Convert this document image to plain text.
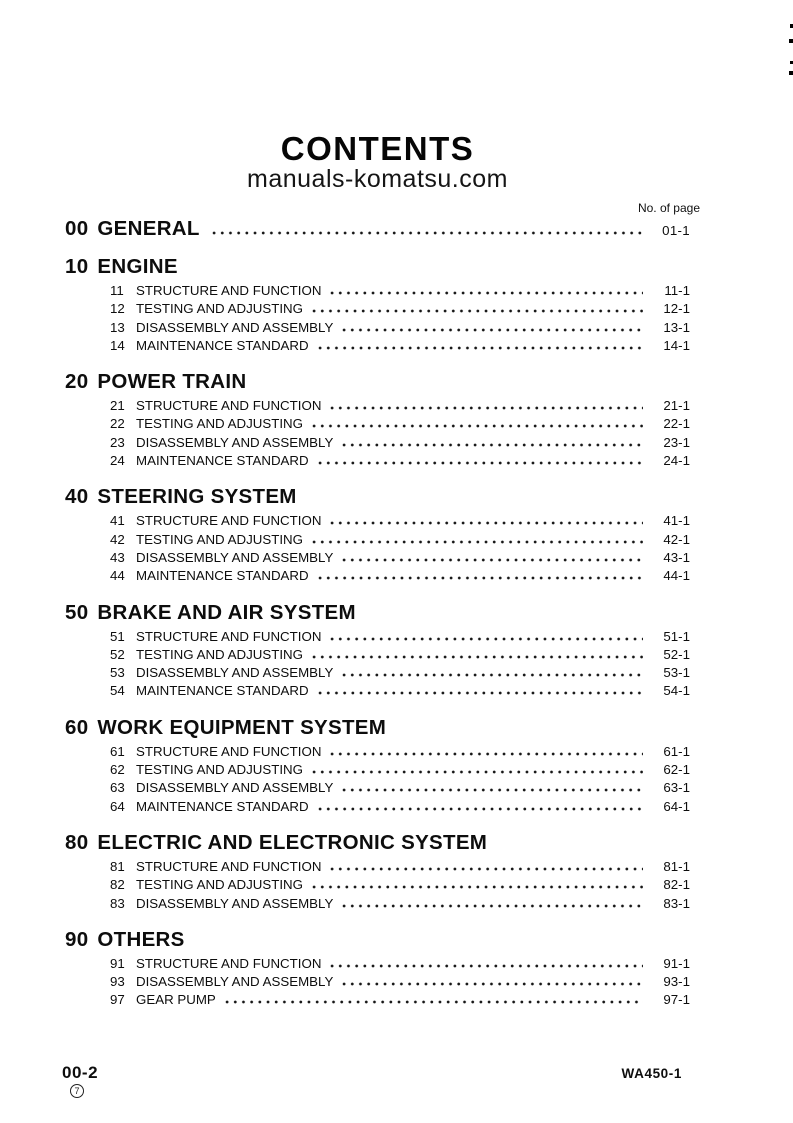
CONTENTS
manuals-komatsu.com
No. of page
00 GENERAL	01-1
10 ENGINE
11 STRUCTURE AND FUNCTION	11-1
12 TESTING AND ADJUSTING	12-1
13 DISASSEMBLY AND ASSEMBLY	13-1
14 MAINTENANCE STANDARD	14-1
20 POWER TRAIN
21 STRUCTURE AND FUNCTION	21-1
22 TESTING AND ADJUSTING	22-1
23 DISASSEMBLY AND ASSEMBLY	23-1
24 MAINTENANCE STANDARD	24-1
40 STEERING SYSTEM
41 STRUCTURE AND FUNCTION	41-1
42 TESTING AND ADJUSTING	42-1
43 DISASSEMBLY AND ASSEMBLY	43-1
44 MAINTENANCE STANDARD	44-1
50 BRAKE AND AIR SYSTEM
51 STRUCTURE AND FUNCTION	51-1
52 TESTING AND ADJUSTING	52-1
53 DISASSEMBLY AND ASSEMBLY	53-1
54 MAINTENANCE STANDARD	54-1
60 WORK EQUIPMENT SYSTEM
61 STRUCTURE AND FUNCTION	61-1
62 TESTING AND ADJUSTING	62-1
63 DISASSEMBLY AND ASSEMBLY	63-1
64 MAINTENANCE STANDARD	64-1
80 ELECTRIC AND ELECTRONIC SYSTEM
81 STRUCTURE AND FUNCTION	81-1
82 TESTING AND ADJUSTING	82-1
83 DISASSEMBLY AND ASSEMBLY	83-1
90 OTHERS
91 STRUCTURE AND FUNCTION	91-1
93 DISASSEMBLY AND ASSEMBLY	93-1
97 GEAR PUMP	97-1
00-2
7
WA450-1
